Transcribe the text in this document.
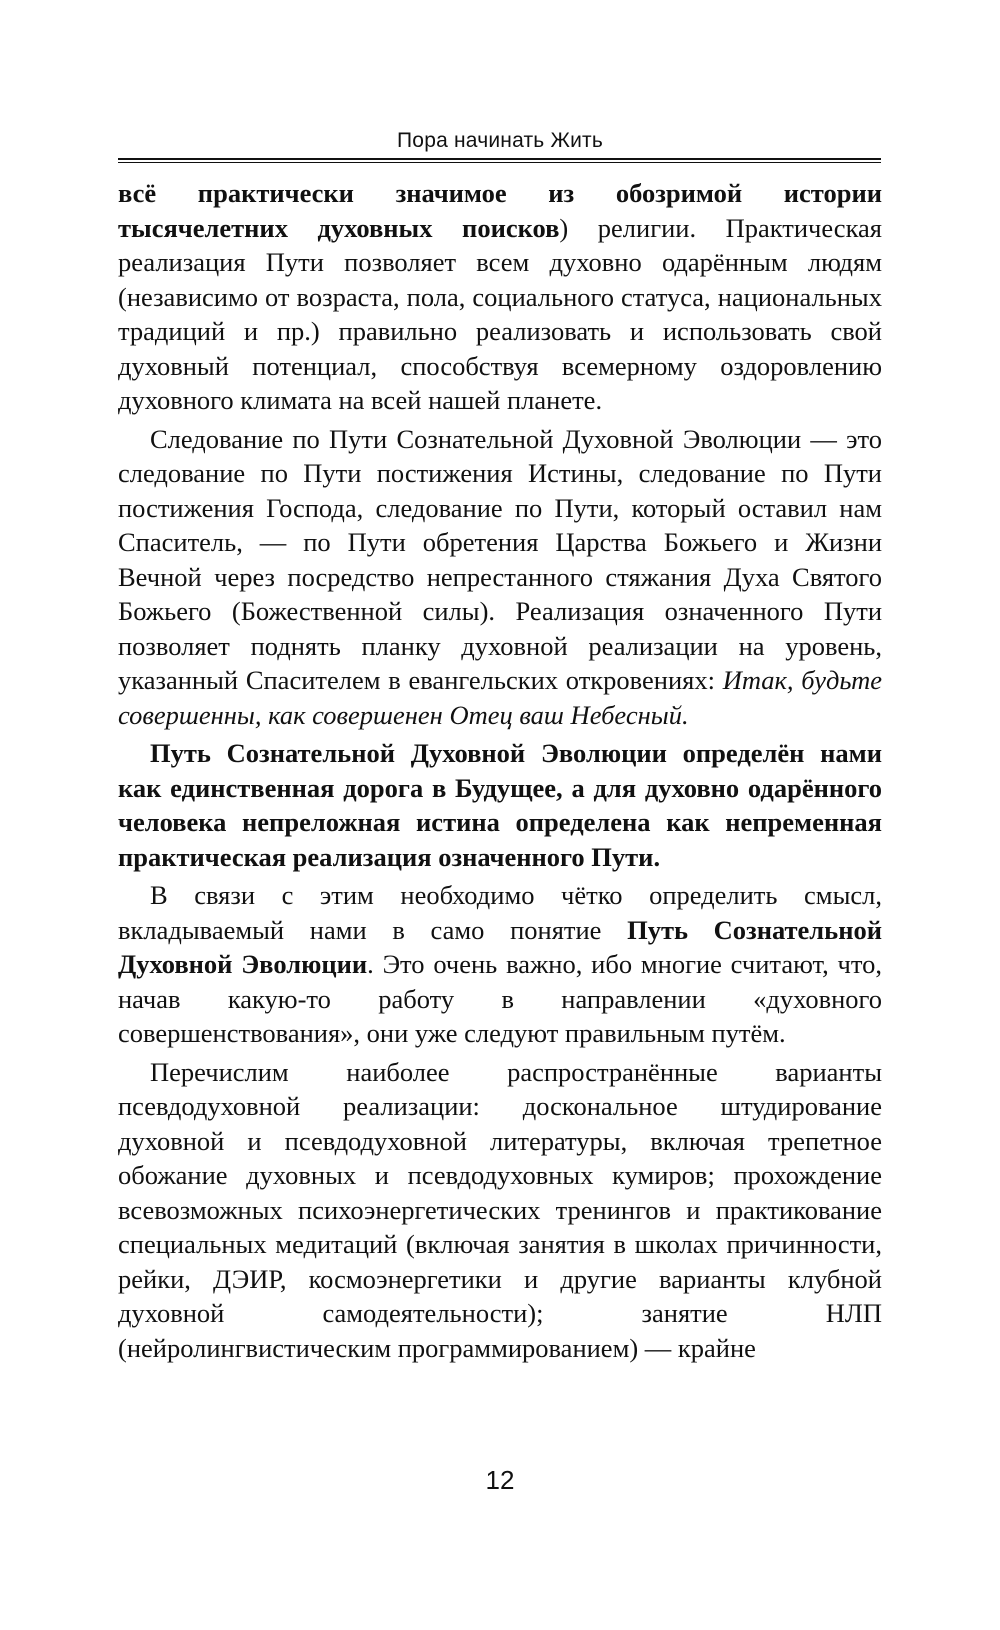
Пора начинать Жить

всё практически значимое из обозримой истории тысячелетних духовных поисков) религии. Практическая реализация Пути позволяет всем духовно одарённым людям (независимо от возраста, пола, социального статуса, национальных традиций и пр.) правильно реализовать и использовать свой духовный потенциал, способствуя всемерному оздоровлению духовного климата на всей нашей планете.

Следование по Пути Сознательной Духовной Эволюции — это следование по Пути постижения Истины, следование по Пути постижения Господа, следование по Пути, который оставил нам Спаситель, — по Пути обретения Царства Божьего и Жизни Вечной через посредство непрестанного стяжания Духа Святого Божьего (Божественной силы). Реализация означенного Пути позволяет поднять планку духовной реализации на уровень, указанный Спасителем в евангельских откровениях: Итак, будьте совершенны, как совершенен Отец ваш Небесный.

Путь Сознательной Духовной Эволюции определён нами как единственная дорога в Будущее, а для духовно одарённого человека непреложная истина определена как непременная практическая реализация означенного Пути.

В связи с этим необходимо чётко определить смысл, вкладываемый нами в само понятие Путь Сознательной Духовной Эволюции. Это очень важно, ибо многие считают, что, начав какую-то работу в направлении «духовного совершенствования», они уже следуют правильным путём.

Перечислим наиболее распространённые варианты псевдодуховной реализации: доскональное штудирование духовной и псевдодуховной литературы, включая трепетное обожание духовных и псевдодуховных кумиров; прохождение всевозможных психоэнергетических тренингов и практикование специальных медитаций (включая занятия в школах причинности, рейки, ДЭИР, космоэнергетики и другие варианты клубной духовной самодеятельности); занятие НЛП (нейролингвистическим программированием) — крайне

12
